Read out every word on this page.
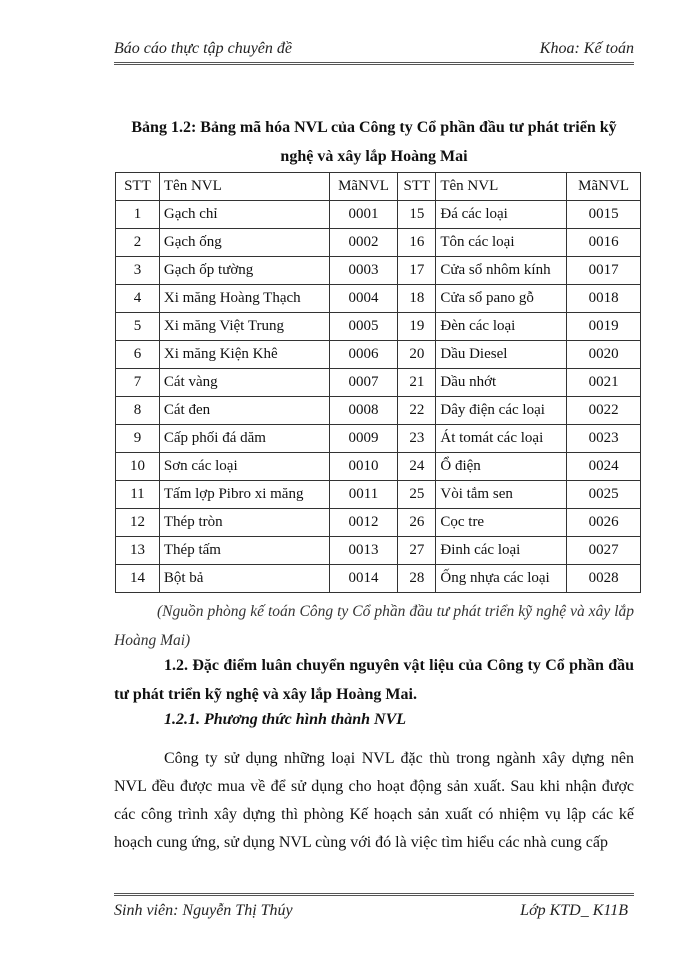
Báo cáo thực tập chuyên đề	Khoa: Kế toán
Bảng 1.2: Bảng mã hóa NVL của Công ty Cổ phần đầu tư phát triển kỹ nghệ và xây lắp Hoàng Mai
STT	Tên NVL	MãNVL	STT	Tên NVL	MãNVL
1	Gạch chỉ	0001	15	Đá các loại	0015
2	Gạch ống	0002	16	Tôn các loại	0016
3	Gạch ốp tường	0003	17	Cửa sổ nhôm kính	0017
4	Xi măng Hoàng Thạch	0004	18	Cửa sổ pano gỗ	0018
5	Xi măng Việt Trung	0005	19	Đèn các loại	0019
6	Xi măng Kiện Khê	0006	20	Dầu Diesel	0020
7	Cát vàng	0007	21	Dầu nhớt	0021
8	Cát đen	0008	22	Dây điện các loại	0022
9	Cấp phối đá dăm	0009	23	Át tomát các loại	0023
10	Sơn các loại	0010	24	Ổ điện	0024
11	Tấm lợp Pibro xi măng	0011	25	Vòi tắm sen	0025
12	Thép tròn	0012	26	Cọc tre	0026
13	Thép tấm	0013	27	Đinh các loại	0027
14	Bột bả	0014	28	Ống nhựa các loại	0028
(Nguồn phòng kế toán Công ty Cổ phần đầu tư phát triển kỹ nghệ và xây lắp Hoàng Mai)
1.2. Đặc điểm luân chuyển nguyên vật liệu của Công ty Cổ phần đầu tư phát triển kỹ nghệ và xây lắp Hoàng Mai.
1.2.1. Phương thức hình thành NVL
Công ty sử dụng những loại NVL đặc thù trong ngành xây dựng nên NVL đều được mua về để sử dụng cho hoạt động sản xuất. Sau khi nhận được các công trình xây dựng thì phòng Kế hoạch sản xuất có nhiệm vụ lập các kế hoạch cung ứng, sử dụng NVL cùng với đó là việc tìm hiểu các nhà cung cấp
Sinh viên: Nguyễn Thị Thúy	Lớp KTD_ K11B
